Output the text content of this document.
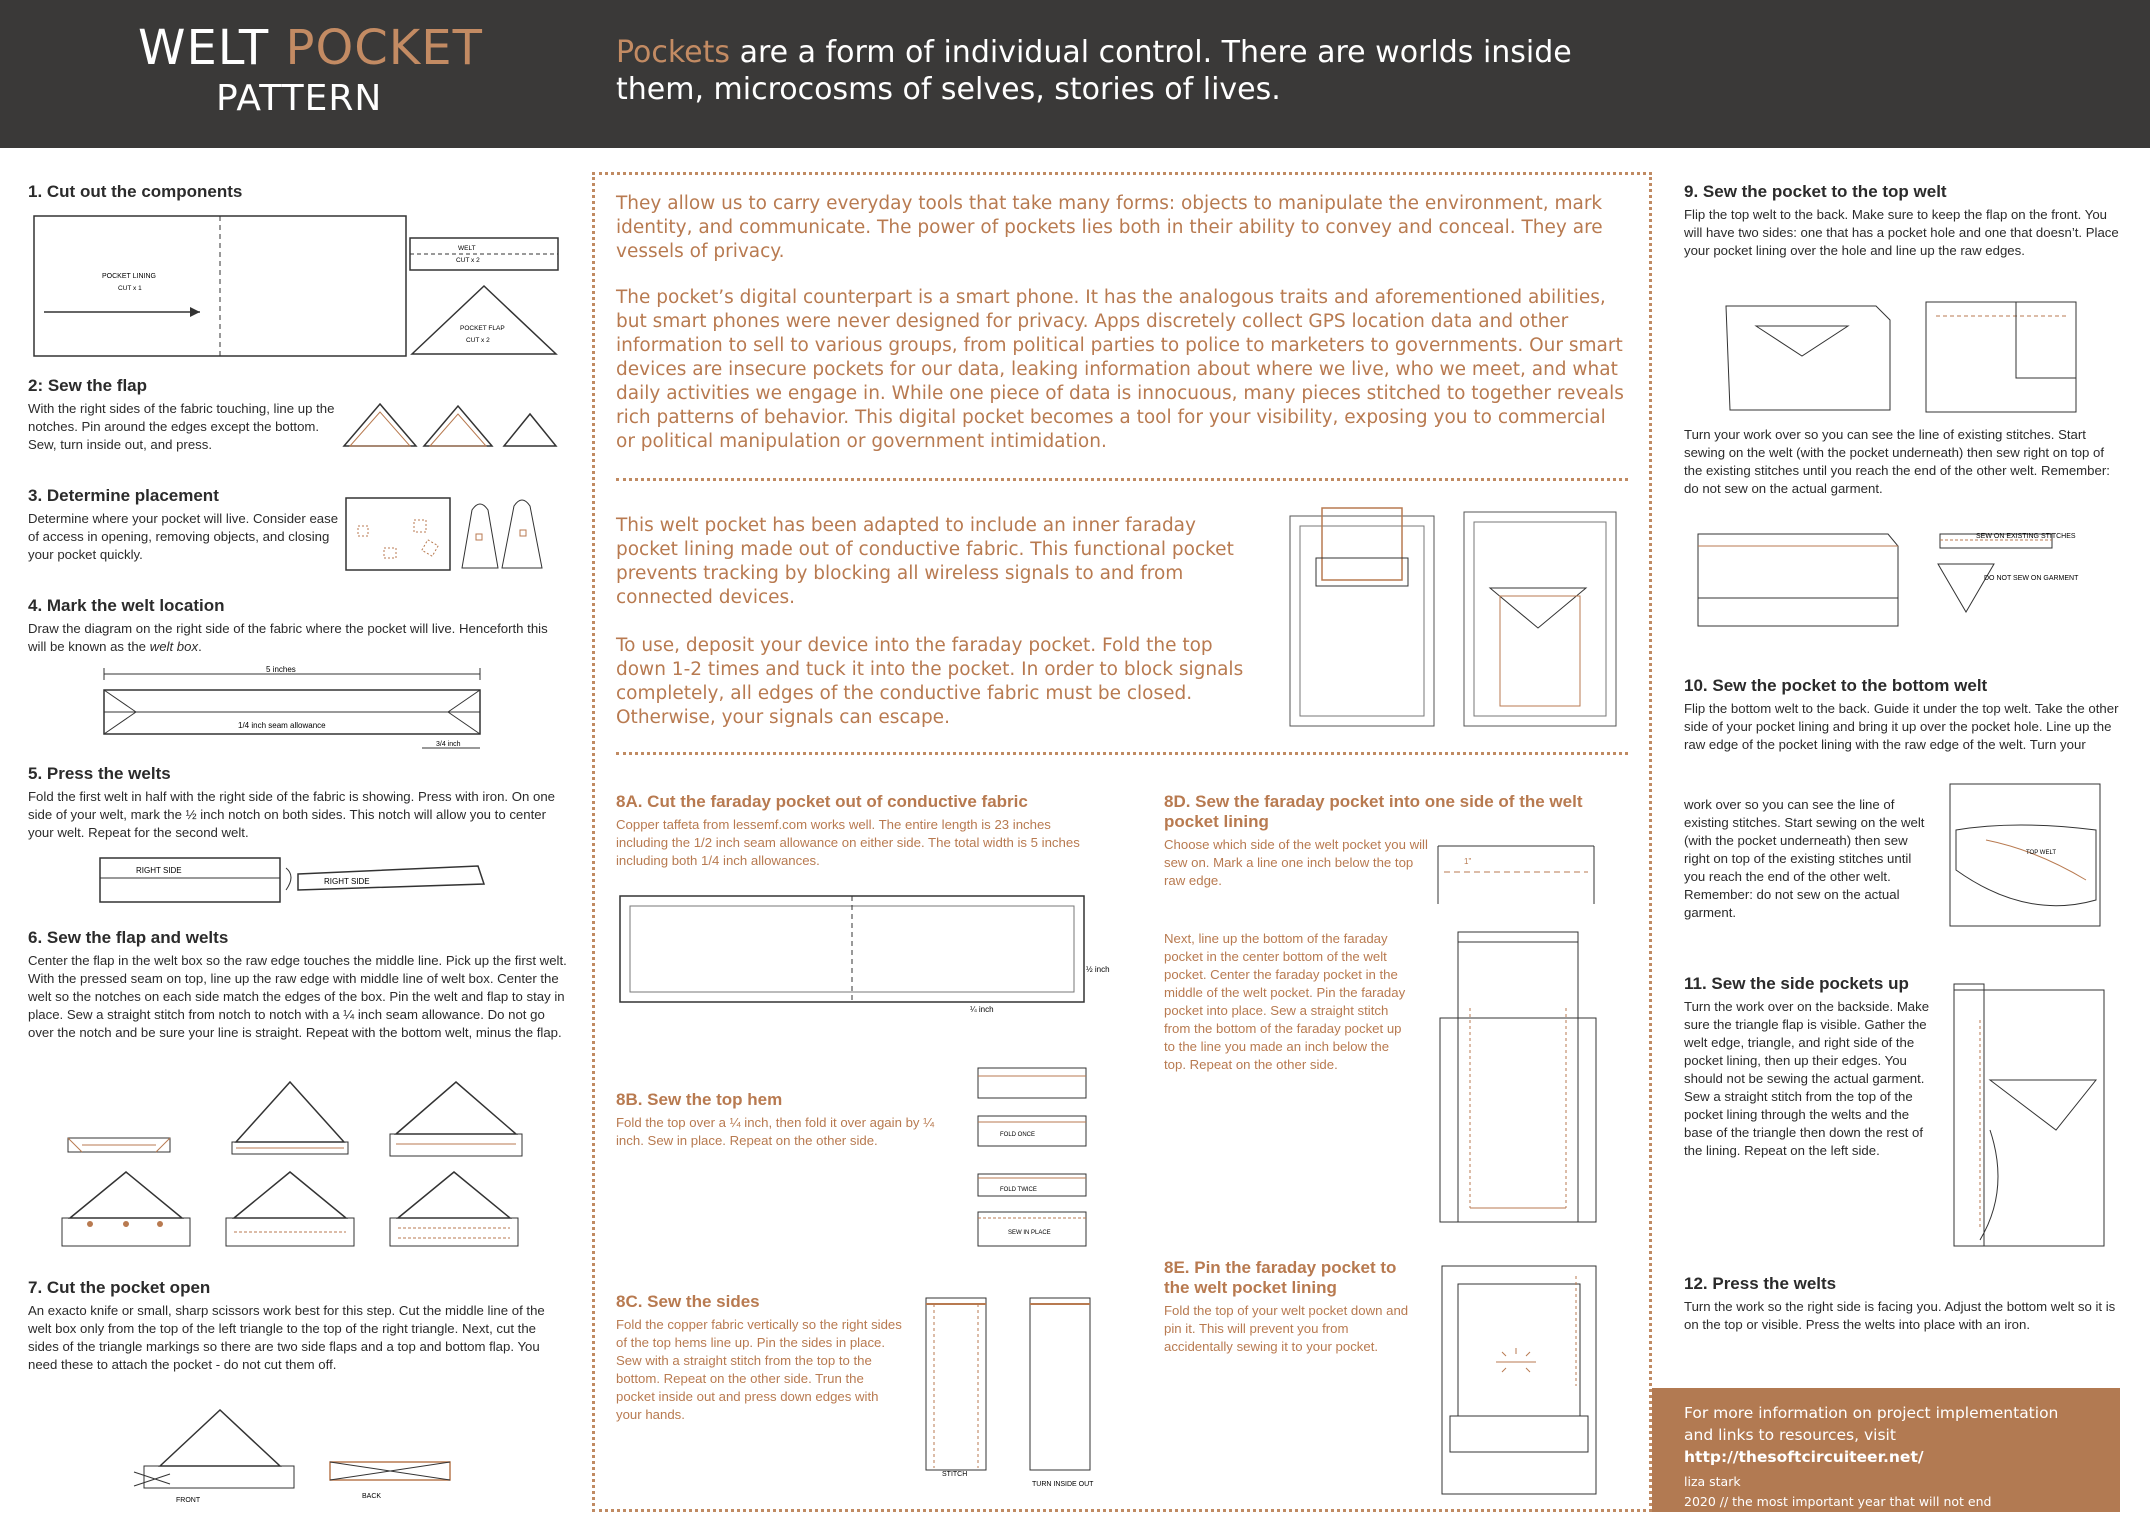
WELT POCKET
PATTERN
Pockets are a form of individual control. There are worlds inside them, microcosms of selves, stories of lives.
1. Cut out the components
POCKET LINING
CUT x 1
WELT
CUT x 2
POCKET FLAP
CUT x 2
2: Sew the flap

With the right sides of the fabric touching, line up the notches. Pin around the edges except the bottom. Sew, turn inside out, and press.

3. Determine placement

Determine where your pocket will live. Consider ease of access in opening, removing objects, and closing your pocket quickly.

4. Mark the welt location

Draw the diagram on the right side of the fabric where the pocket will live. Henceforth this will be known as the welt box.

5 inches
1/4 inch seam allowance
3/4 inch
5. Press the welts

Fold the first welt in half with the right side of the fabric is showing. Press with iron. On one side of your welt, mark the ½ inch notch on both sides. This notch will allow you to center your welt. Repeat for the second welt.

RIGHT SIDE
RIGHT SIDE
6. Sew the flap and welts

Center the flap in the welt box so the raw edge touches the middle line. Pick up the first welt. With the pressed seam on top, line up the raw edge with middle line of welt box. Center the welt so the notches on each side match the edges of the box. Pin the welt and flap to stay in place. Sew a straight stitch from notch to notch with a ¼ inch seam allowance. Do not go over the notch and be sure your line is straight. Repeat with the bottom welt, minus the flap.

7. Cut the pocket open

An exacto knife or small, sharp scissors work best for this step. Cut the middle line of the welt box only from the top of the left triangle to the top of the right triangle. Next, cut the sides of the triangle markings so there are two side flaps and a top and bottom flap. You need these to attach the pocket - do not cut them off.

FRONT
BACK
They allow us to carry everyday tools that take many forms: objects to manipulate the environment, mark identity, and communicate. The power of pockets lies both in their ability to convey and conceal. They are vessels of privacy.
The pocket’s digital counterpart is a smart phone. It has the analogous traits and aforementioned abilities, but smart phones were never designed for privacy. Apps discretely collect GPS location data and other information to sell to various groups, from political parties to police to marketers to governments. Our smart devices are insecure pockets for our data, leaking information about where we live, who we meet, and what daily activities we engage in. While one piece of data is innocuous, many pieces stitched to together reveals rich patterns of behavior. This digital pocket becomes a tool for your visibility, exposing you to commercial or political manipulation or government intimidation.
This welt pocket has been adapted to include an inner faraday pocket lining made out of conductive fabric. This functional pocket prevents tracking by blocking all wireless signals to and from connected devices.
To use, deposit your device into the faraday pocket. Fold the top down 1-2 times and tuck it into the pocket. In order to block signals completely, all edges of the conductive fabric must be closed. Otherwise, your signals can escape.
8A. Cut the faraday pocket out of conductive fabric

Copper taffeta from lessemf.com works well. The entire length is 23 inches including the 1/2 inch seam allowance on either side. The total width is 5 inches including both 1/4 inch allowances.

½ inch
¼ inch
8B. Sew the top hem

Fold the top over a ¼ inch, then fold it over again by ¼ inch. Sew in place. Repeat on the other side.	FOLD ONCE
FOLD TWICE
SEW IN PLACE
8C. Sew the sides

Fold the copper fabric vertically so the right sides of the top hems line up. Pin the sides in place. Sew with a straight stitch from the top to the bottom. Repeat on the other side. Trun the pocket inside out and press down edges with your hands.

STITCH
TURN INSIDE OUT
8D. Sew the faraday pocket into one side of the welt pocket lining

Choose which side of the welt pocket you will sew on. Mark a line one inch below the top raw edge.

1"

Next, line up the bottom of the faraday pocket in the center bottom of the welt pocket. Center the faraday pocket in the middle of the welt pocket. Pin the faraday pocket into place. Sew a straight stitch from the bottom of the faraday pocket up to the line you made an inch below the top. Repeat on the other side.

8E. Pin the faraday pocket to the welt pocket lining

Fold the top of your welt pocket down and pin it. This will prevent you from accidentally sewing it to your pocket.

9. Sew the pocket to the top welt

Flip the top welt to the back. Make sure to keep the flap on the front. You will have two sides: one that has a pocket hole and one that doesn’t. Place your pocket lining over the hole and line up the raw edges.

Turn your work over so you can see the line of existing stitches. Start sewing on the welt (with the pocket underneath) then sew right on top of the existing stitches until you reach the end of the other welt. Remember: do not sew on the actual garment.

SEW ON EXISTING STITCHES
DO NOT SEW ON GARMENT
10. Sew the pocket to the bottom welt

Flip the bottom welt to the back. Guide it under the top welt. Take the other side of your pocket lining and bring it up over the pocket hole. Line up the raw edge of the pocket lining with the raw edge of the welt. Turn your

work over so you can see the line of existing stitches. Start sewing on the welt (with the pocket underneath) then sew right on top of the existing stitches until you reach the end of the other welt. Remember: do not sew on the actual garment.

TOP WELT
11. Sew the side pockets up

Turn the work over on the backside. Make sure the triangle flap is visible. Gather the welt edge, triangle, and right side of the pocket lining, then up their edges. You should not be sewing the actual garment. Sew a straight stitch from the top of the pocket lining through the welts and the base of the triangle then down the rest of the lining. Repeat on the left side.

12. Press the welts

Turn the work so the right side is facing you. Adjust the bottom welt so it is on the top or visible. Press the welts into place with an iron.

For more information on project implementation and links to resources, visit http://thesoftcircuiteer.net/
liza stark
2020 // the most important year that will not end
